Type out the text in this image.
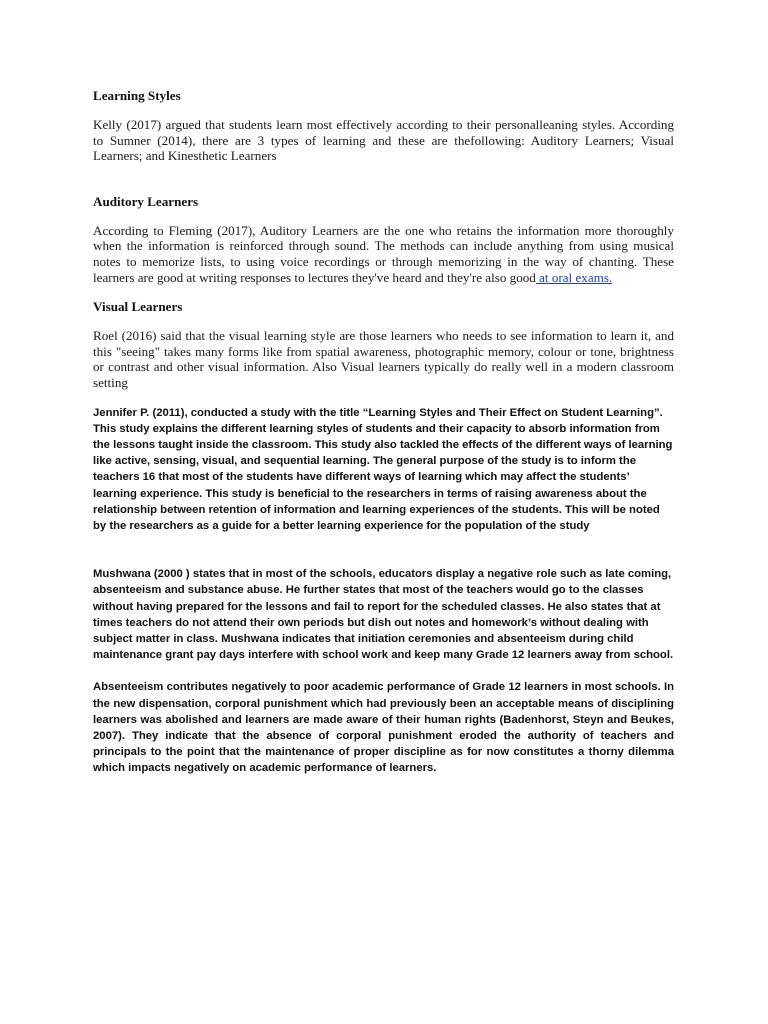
Learning Styles

Kelly (2017) argued that students learn most effectively according to their personalleaning styles. According to Sumner (2014), there are 3 types of learning and these are thefollowing: Auditory Learners; Visual Learners; and Kinesthetic Learners

Auditory Learners

According to Fleming (2017), Auditory Learners are the one who retains the information more thoroughly when the information is reinforced through sound. The methods can include anything from using musical notes to memorize lists, to using voice recordings or through memorizing in the way of chanting. These learners are good at writing responses to lectures they've heard and they're also good at oral exams.

Visual Learners

Roel (2016) said that the visual learning style are those learners who needs to see information to learn it, and this "seeing" takes many forms like from spatial awareness, photographic memory, colour or tone, brightness or contrast and other visual information. Also Visual learners typically do really well in a modern classroom setting

Jennifer P. (2011), conducted a study with the title “Learning Styles and Their Effect on Student Learning”. This study explains the different learning styles of students and their capacity to absorb information from the lessons taught inside the classroom. This study also tackled the effects of the different ways of learning like active, sensing, visual, and sequential learning. The general purpose of the study is to inform the teachers 16 that most of the students have different ways of learning which may affect the students’ learning experience. This study is beneficial to the researchers in terms of raising awareness about the relationship between retention of information and learning experiences of the students. This will be noted by the researchers as a guide for a better learning experience for the population of the study

Mushwana (2000 ) states that in most of the schools, educators display a negative role such as late coming, absenteeism and substance abuse. He further states that most of the teachers would go to the classes without having prepared for the lessons and fail to report for the scheduled classes. He also states that at times teachers do not attend their own periods but dish out notes and homework’s without dealing with subject matter in class. Mushwana indicates that initiation ceremonies and absenteeism during child maintenance grant pay days interfere with school work and keep many Grade 12 learners away from school.

Absenteeism contributes negatively to poor academic performance of Grade 12 learners in most schools. In the new dispensation, corporal punishment which had previously been an acceptable means of disciplining learners was abolished and learners are made aware of their human rights (Badenhorst, Steyn and Beukes, 2007). They indicate that the absence of corporal punishment eroded the authority of teachers and principals to the point that the maintenance of proper discipline as for now constitutes a thorny dilemma which impacts negatively on academic performance of learners.
